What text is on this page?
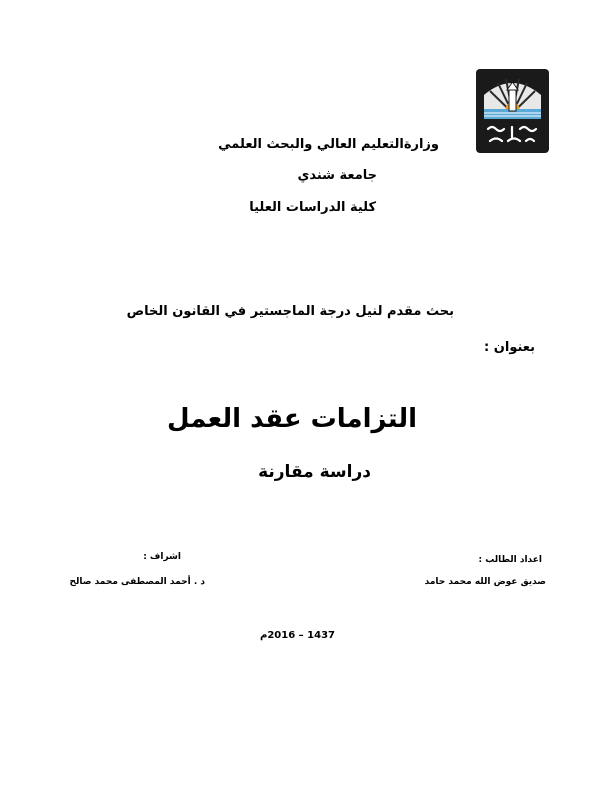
وزارةالتعليم العالي والبحث العلمي
جامعة شندي
كلية الدراسات العليا
بحث مقدم لنيل درجة الماجستير في القانون الخاص
بعنوان :
التزامات عقد العمل
دراسة مقارنة
اعداد الطالب :
صديق عوض الله محمد حامد
اشراف :
د . أحمد المصطفى محمد صالح
1437 – 2016م
